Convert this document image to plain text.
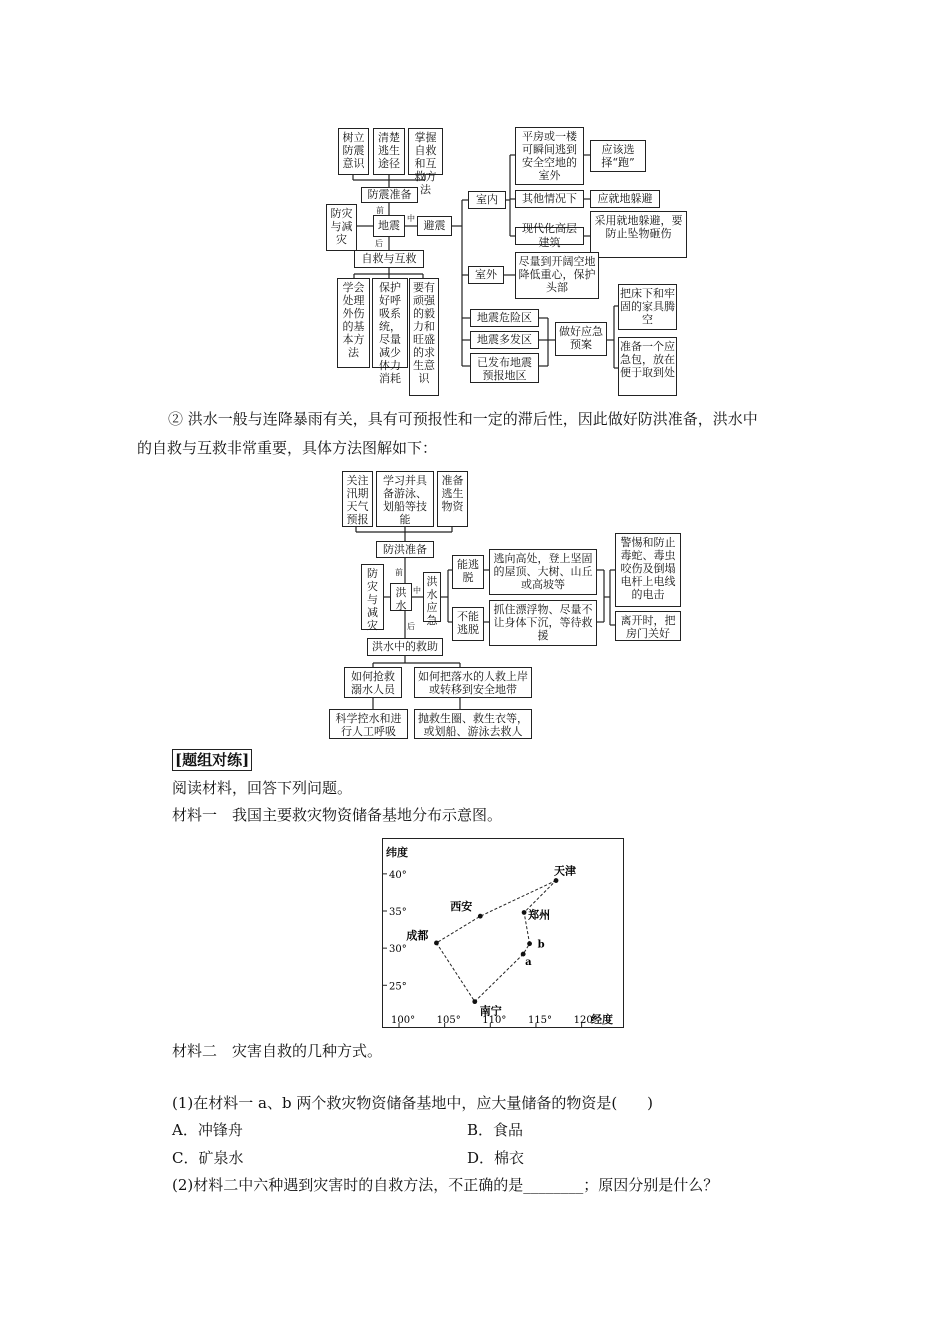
树立防震意识
清楚逃生途径
掌握自救和互救方法
防震准备
防灾与减灾
前
地震
中
后
避震
自救与互救
学会处理外伤的基本方法
保护好呼吸系统，尽量减少体力消耗
要有顽强的毅力和旺盛的求生意识
室内
平房或一楼可瞬间逃到安全空地的室外
应该选择“跑”
其他情况下	应就地躲避
现代化高层建筑
采用就地躲避，要防止坠物砸伤
室外
尽量到开阔空地降低重心，保护头部
地震危险区
地震多发区
已发布地震预报地区
做好应急预案
把床下和牢固的家具腾空
准备一个应急包，放在便于取到处
② 洪水一般与连降暴雨有关，具有可预报性和一定的滞后性，因此做好防洪准备，洪水中
的自救与互救非常重要，具体方法图解如下：
关注汛期天气预报
学习并具备游泳、划船等技能
准备逃生物资
防洪准备
防灾与减灾
前
洪水
中
后
洪水应急
能逃脱
逃向高处，登上坚固的屋顶、大树、山丘或高坡等
不能逃脱
抓住漂浮物、尽量不让身体下沉，等待救援
警惕和防止毒蛇、毒虫咬伤及倒塌电杆上电线的电击
离开时，把房门关好
洪水中的救助
如何抢救溺水人员
如何把落水的人救上岸或转移到安全地带
科学控水和进行人工呼吸
抛救生圈、救生衣等，或划船、游泳去救人
[题组对练]
阅读材料，回答下列问题。
材料一　我国主要救灾物资储备基地分布示意图。
天津
西安
郑州
成都
b
a
南宁
25°
30°
35°
40°
100° 105° 110° 115° 120°
纬度
经度
材料二　灾害自救的几种方式。
(1)在材料一 a、b 两个救灾物资储备基地中，应大量储备的物资是(　　)
A．冲锋舟	B．食品
C．矿泉水	D．棉衣
(2)材料二中六种遇到灾害时的自救方法，不正确的是________；原因分别是什么？
